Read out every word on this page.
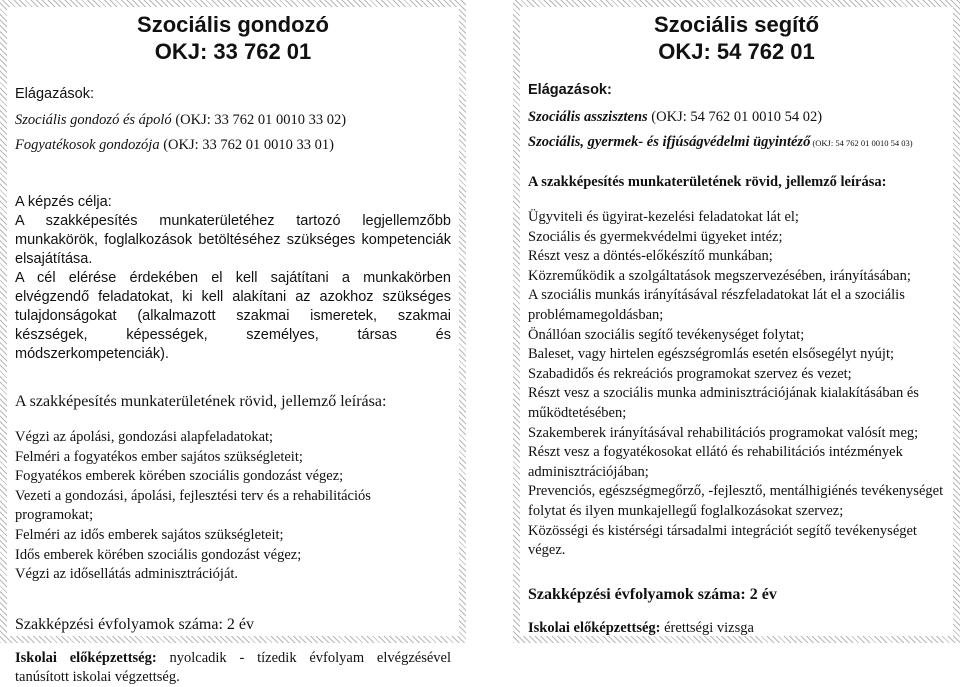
Szociális gondozó
OKJ: 33 762 01

Elágazások:

Szociális gondozó és ápoló (OKJ: 33 762 01 0010 33 02)

Fogyatékosok gondozója (OKJ: 33 762 01 0010 33 01)

A képzés célja:

A szakképesítés munkaterületéhez tartozó legjellemzőbb munkakörök, foglalkozások betöltéséhez szükséges kompetenciák elsajátítása.

A cél elérése érdekében el kell sajátítani a munkakörben elvégzendő feladatokat, ki kell alakítani az azokhoz szükséges tulajdonságokat (alkalmazott szakmai ismeretek, szakmai készségek, képességek, személyes, társas és módszerkompetenciák).

A szakképesítés munkaterületének rövid, jellemző leírása:

Végzi az ápolási, gondozási alapfeladatokat;

Felméri a fogyatékos ember sajátos szükségleteit;

Fogyatékos emberek körében szociális gondozást végez;

Vezeti a gondozási, ápolási, fejlesztési terv és a rehabilitációs programokat;

Felméri az idős emberek sajátos szükségleteit;

Idős emberek körében szociális gondozást végez;

Végzi az idősellátás adminisztrációját.

Szakképzési évfolyamok száma: 2 év

Iskolai előképzettség: nyolcadik - tízedik évfolyam elvégzésével tanúsított iskolai végzettség.

Szociális segítő
OKJ: 54 762 01

Elágazások:

Szociális asszisztens (OKJ: 54 762 01 0010 54 02)

Szociális, gyermek- és ifjúságvédelmi ügyintéző (OKJ: 54 762 01 0010 54 03)

A szakképesítés munkaterületének rövid, jellemző leírása:

Ügyviteli és ügyirat-kezelési feladatokat lát el;

Szociális és gyermekvédelmi ügyeket intéz;

Részt vesz a döntés-előkészítő munkában;

Közreműködik a szolgáltatások megszervezésében, irányításában;

A szociális munkás irányításával részfeladatokat lát el a szociális problémamegoldásban;

Önállóan szociális segítő tevékenységet folytat;

Baleset, vagy hirtelen egészségromlás esetén elsősegélyt nyújt;

Szabadidős és rekreációs programokat szervez és vezet;

Részt vesz a szociális munka adminisztrációjának kialakításában és működtetésében;

Szakemberek irányításával rehabilitációs programokat valósít meg;

Részt vesz a fogyatékosokat ellátó és rehabilitációs intézmények adminisztrációjában;

Prevenciós, egészségmegőrző, -fejlesztő, mentálhigiénés tevékenységet folytat és ilyen munkajellegű foglalkozásokat szervez;

Közösségi és kistérségi társadalmi integrációt segítő tevékenységet végez.

Szakképzési évfolyamok száma: 2 év

Iskolai előképzettség: érettségi vizsga
